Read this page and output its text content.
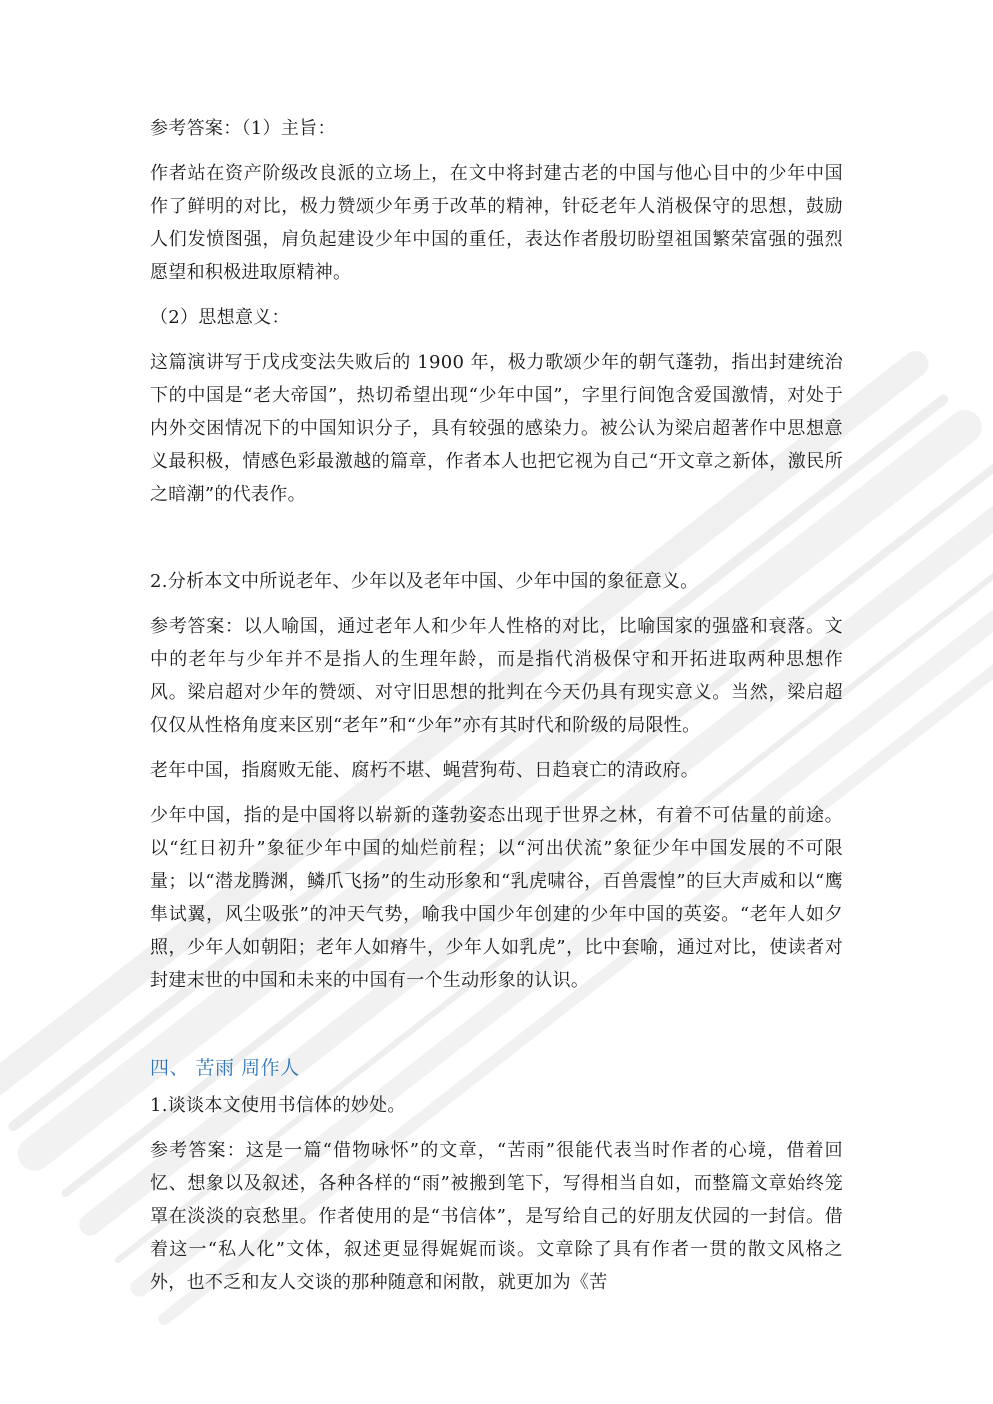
参考答案：（1）主旨：

作者站在资产阶级改良派的立场上，在文中将封建古老的中国与他心目中的少年中国作了鲜明的对比，极力赞颂少年勇于改革的精神，针砭老年人消极保守的思想，鼓励人们发愤图强，肩负起建设少年中国的重任，表达作者殷切盼望祖国繁荣富强的强烈愿望和积极进取原精神。

（2）思想意义：

这篇演讲写于戊戌变法失败后的 1900 年，极力歌颂少年的朝气蓬勃，指出封建统治下的中国是“老大帝国”，热切希望出现“少年中国”，字里行间饱含爱国激情，对处于内外交困情况下的中国知识分子，具有较强的感染力。被公认为梁启超著作中思想意义最积极，情感色彩最激越的篇章，作者本人也把它视为自己“开文章之新体，激民所之暗潮”的代表作。

2.分析本文中所说老年、少年以及老年中国、少年中国的象征意义。

参考答案：以人喻国，通过老年人和少年人性格的对比，比喻国家的强盛和衰落。文中的老年与少年并不是指人的生理年龄，而是指代消极保守和开拓进取两种思想作风。梁启超对少年的赞颂、对守旧思想的批判在今天仍具有现实意义。当然，梁启超仅仅从性格角度来区别“老年”和“少年”亦有其时代和阶级的局限性。

老年中国，指腐败无能、腐朽不堪、蝇营狗苟、日趋衰亡的清政府。

少年中国，指的是中国将以崭新的蓬勃姿态出现于世界之林，有着不可估量的前途。以“红日初升”象征少年中国的灿烂前程；以“河出伏流”象征少年中国发展的不可限量；以“潜龙腾渊，鳞爪飞扬”的生动形象和“乳虎啸谷，百兽震惶”的巨大声威和以“鹰隼试翼，风尘吸张”的冲天气势，喻我中国少年创建的少年中国的英姿。“老年人如夕照，少年人如朝阳；老年人如瘠牛，少年人如乳虎”，比中套喻，通过对比，使读者对封建末世的中国和未来的中国有一个生动形象的认识。

四、 苦雨 周作人

1.谈谈本文使用书信体的妙处。

参考答案：这是一篇“借物咏怀”的文章，“苦雨”很能代表当时作者的心境，借着回忆、想象以及叙述，各种各样的“雨”被搬到笔下，写得相当自如，而整篇文章始终笼罩在淡淡的哀愁里。作者使用的是“书信体”，是写给自己的好朋友伏园的一封信。借着这一“私人化”文体，叙述更显得娓娓而谈。文章除了具有作者一贯的散文风格之外，也不乏和友人交谈的那种随意和闲散，就更加为《苦
